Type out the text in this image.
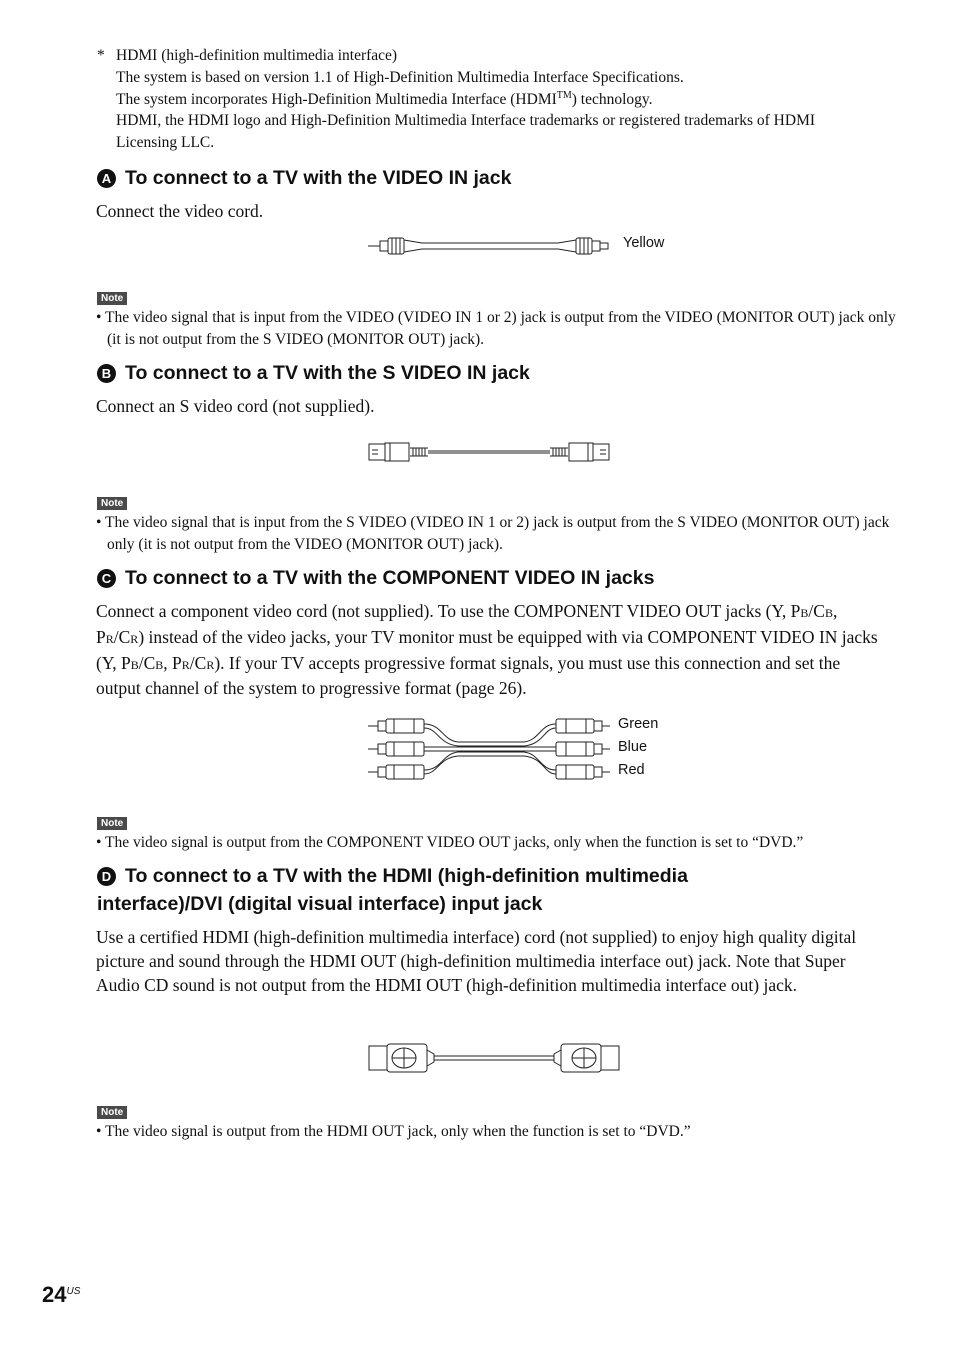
* HDMI (high-definition multimedia interface)
The system is based on version 1.1 of High-Definition Multimedia Interface Specifications.
The system incorporates High-Definition Multimedia Interface (HDMI™) technology.
HDMI, the HDMI logo and High-Definition Multimedia Interface trademarks or registered trademarks of HDMI
Licensing LLC.
A To connect to a TV with the VIDEO IN jack
Connect the video cord.
Yellow
Note
• The video signal that is input from the VIDEO (VIDEO IN 1 or 2) jack is output from the VIDEO (MONITOR OUT) jack only (it is not output from the S VIDEO (MONITOR OUT) jack).
B To connect to a TV with the S VIDEO IN jack
Connect an S video cord (not supplied).
Note
• The video signal that is input from the S VIDEO (VIDEO IN 1 or 2) jack is output from the S VIDEO (MONITOR OUT) jack only (it is not output from the VIDEO (MONITOR OUT) jack).
C To connect to a TV with the COMPONENT VIDEO IN jacks
Connect a component video cord (not supplied). To use the COMPONENT VIDEO OUT jacks (Y, PB/CB, PR/CR) instead of the video jacks, your TV monitor must be equipped with via COMPONENT VIDEO IN jacks (Y, PB/CB, PR/CR). If your TV accepts progressive format signals, you must use this connection and set the output channel of the system to progressive format (page 26).
Green
Blue
Red
Note
• The video signal is output from the COMPONENT VIDEO OUT jacks, only when the function is set to “DVD.”
D To connect to a TV with the HDMI (high-definition multimedia
interface)/DVI (digital visual interface) input jack
Use a certified HDMI (high-definition multimedia interface) cord (not supplied) to enjoy high quality digital picture and sound through the HDMI OUT (high-definition multimedia interface out) jack. Note that Super Audio CD sound is not output from the HDMI OUT (high-definition multimedia interface out) jack.
Note
• The video signal is output from the HDMI OUT jack, only when the function is set to “DVD.”
$24^{US}$
